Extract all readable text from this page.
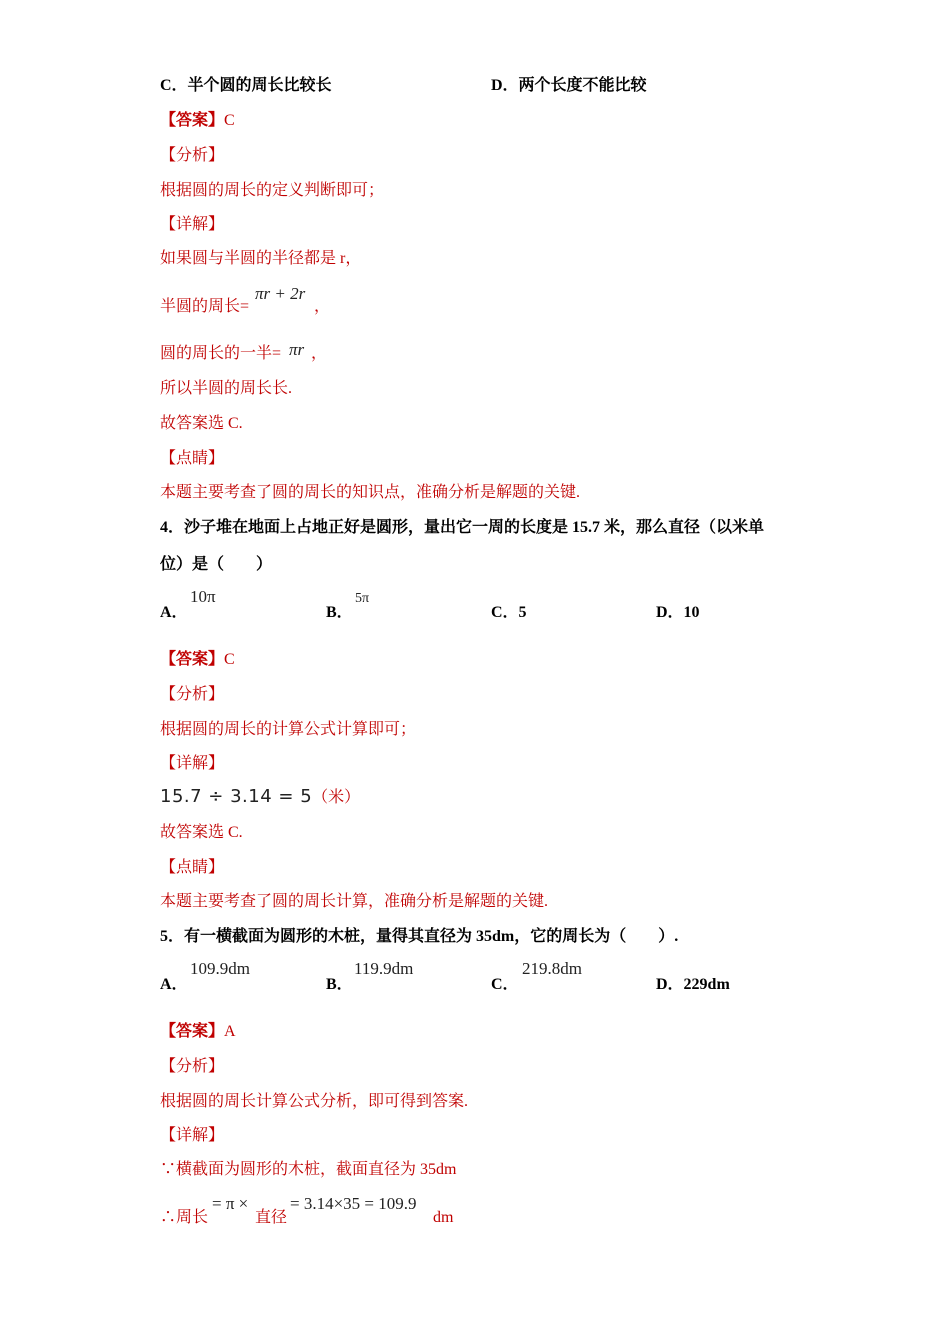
C．半个圆的周长比较长	D．两个长度不能比较
【答案】C
【分析】
根据圆的周长的定义判断即可；
【详解】
如果圆与半圆的半径都是 r，
半圆的周长=
πr + 2r
，
圆的周长的一半= πr ，
所以半圆的周长长.
故答案选 C.
【点睛】
本题主要考查了圆的周长的知识点，准确分析是解题的关键.
4．沙子堆在地面上占地正好是圆形，量出它一周的长度是 15.7 米，那么直径（以米单
位）是（　　）
A．
10π
B．
5π
C．5	D．10
【答案】C
【分析】
根据圆的周长的计算公式计算即可；
【详解】
15.7 ÷ 3.14 = 5（米）
故答案选 C.
【点睛】
本题主要考查了圆的周长计算，准确分析是解题的关键.
5．有一横截面为圆形的木桩，量得其直径为 35dm，它的周长为（　　）.
A．
109.9dm
B．
119.9dm
C．
219.8dm
D．229dm
【答案】A
【分析】
根据圆的周长计算公式分析，即可得到答案.
【详解】
∵横截面为圆形的木桩，截面直径为 35dm
∴周长
= π ×
直径
= 3.14×35 = 109.9
dm
